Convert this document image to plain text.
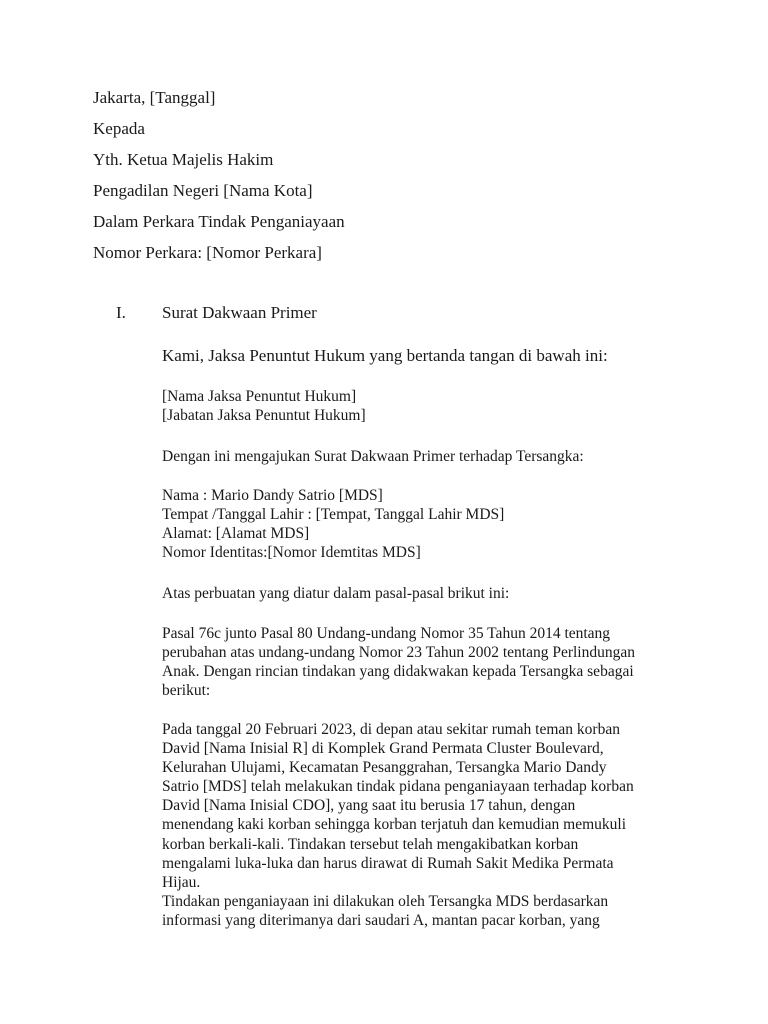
Jakarta, [Tanggal]

Kepada

Yth. Ketua Majelis Hakim

Pengadilan Negeri [Nama Kota]

Dalam Perkara Tindak Penganiayaan

Nomor Perkara: [Nomor Perkara]

I. Surat Dakwaan Primer

Kami, Jaksa Penuntut Hukum yang bertanda tangan di bawah ini:

[Nama Jaksa Penuntut Hukum]
[Jabatan Jaksa Penuntut Hukum]
Dengan ini mengajukan Surat Dakwaan Primer terhadap Tersangka:
Nama : Mario Dandy Satrio [MDS]
Tempat /Tanggal Lahir : [Tempat, Tanggal Lahir MDS]
Alamat: [Alamat MDS]
Nomor Identitas:[Nomor Idemtitas MDS]
Atas perbuatan yang diatur dalam pasal-pasal brikut ini:
Pasal 76c junto Pasal 80 Undang-undang Nomor 35 Tahun 2014 tentang
perubahan atas undang-undang Nomor 23 Tahun 2002 tentang Perlindungan
Anak. Dengan rincian tindakan yang didakwakan kepada Tersangka sebagai
berikut:
Pada tanggal 20 Februari 2023, di depan atau sekitar rumah teman korban
David [Nama Inisial R] di Komplek Grand Permata Cluster Boulevard,
Kelurahan Ulujami, Kecamatan Pesanggrahan, Tersangka Mario Dandy
Satrio [MDS] telah melakukan tindak pidana penganiayaan terhadap korban
David [Nama Inisial CDO], yang saat itu berusia 17 tahun, dengan
menendang kaki korban sehingga korban terjatuh dan kemudian memukuli
korban berkali-kali. Tindakan tersebut telah mengakibatkan korban
mengalami luka-luka dan harus dirawat di Rumah Sakit Medika Permata
Hijau.
Tindakan penganiayaan ini dilakukan oleh Tersangka MDS berdasarkan
informasi yang diterimanya dari saudari A, mantan pacar korban, yang
